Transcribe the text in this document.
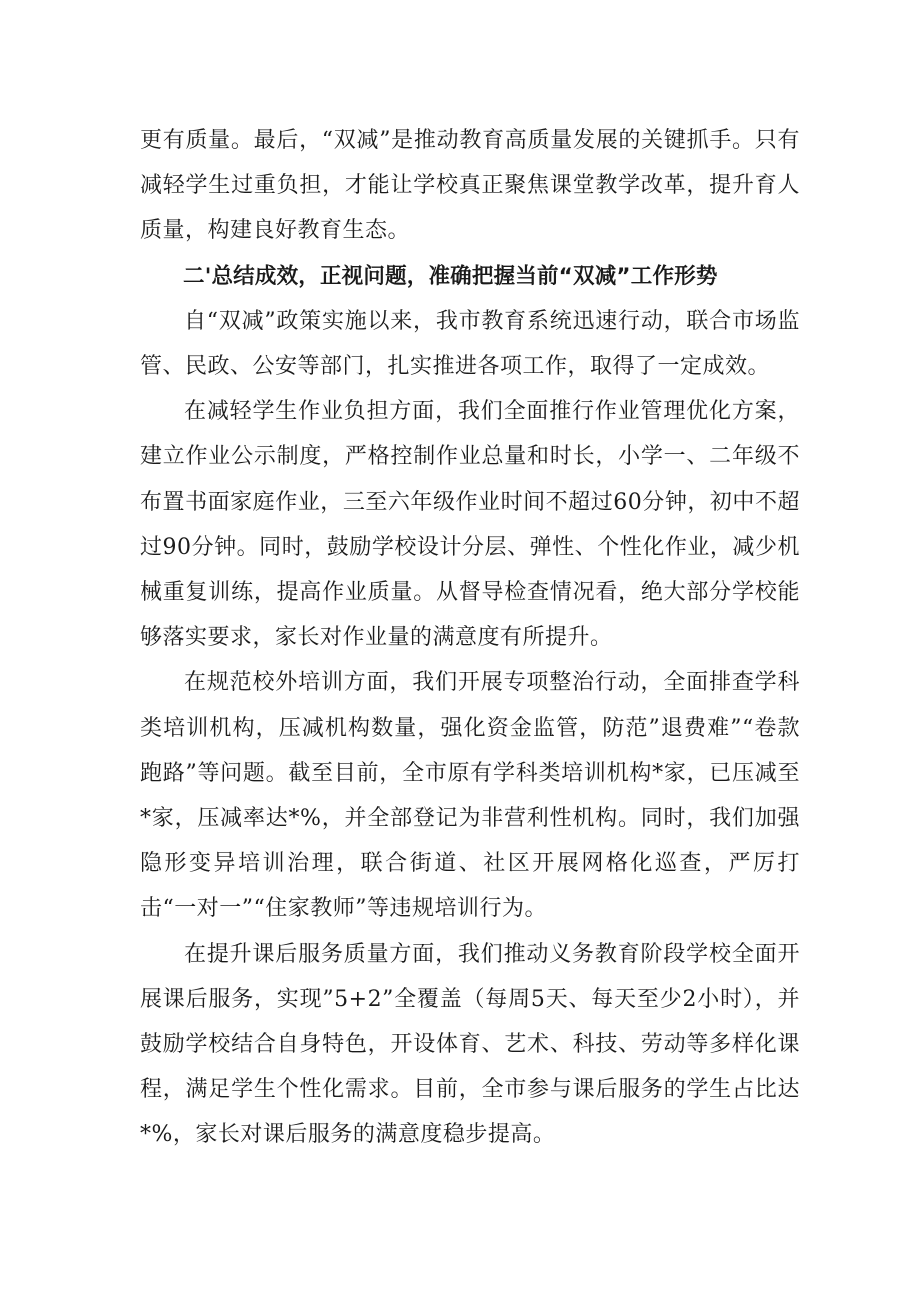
更有质量。最后，“双减”是推动教育高质量发展的关键抓手。只有减轻学生过重负担，才能让学校真正聚焦课堂教学改革，提升育人质量，构建良好教育生态。

二'总结成效，正视问题，准确把握当前“双减”工作形势

自“双减”政策实施以来，我市教育系统迅速行动，联合市场监管、民政、公安等部门，扎实推进各项工作，取得了一定成效。

在减轻学生作业负担方面，我们全面推行作业管理优化方案，建立作业公示制度，严格控制作业总量和时长，小学一、二年级不布置书面家庭作业，三至六年级作业时间不超过60分钟，初中不超过90分钟。同时，鼓励学校设计分层、弹性、个性化作业，减少机械重复训练，提高作业质量。从督导检查情况看，绝大部分学校能够落实要求，家长对作业量的满意度有所提升。

在规范校外培训方面，我们开展专项整治行动，全面排查学科类培训机构，压减机构数量，强化资金监管，防范”退费难”“卷款跑路”等问题。截至目前，全市原有学科类培训机构*家，已压减至*家，压减率达*%，并全部登记为非营利性机构。同时，我们加强隐形变异培训治理，联合街道、社区开展网格化巡查，严厉打击“一对一”“住家教师”等违规培训行为。

在提升课后服务质量方面，我们推动义务教育阶段学校全面开展课后服务，实现”5+2”全覆盖（每周5天、每天至少2小时），并鼓励学校结合自身特色，开设体育、艺术、科技、劳动等多样化课程，满足学生个性化需求。目前，全市参与课后服务的学生占比达*%，家长对课后服务的满意度稳步提高。
